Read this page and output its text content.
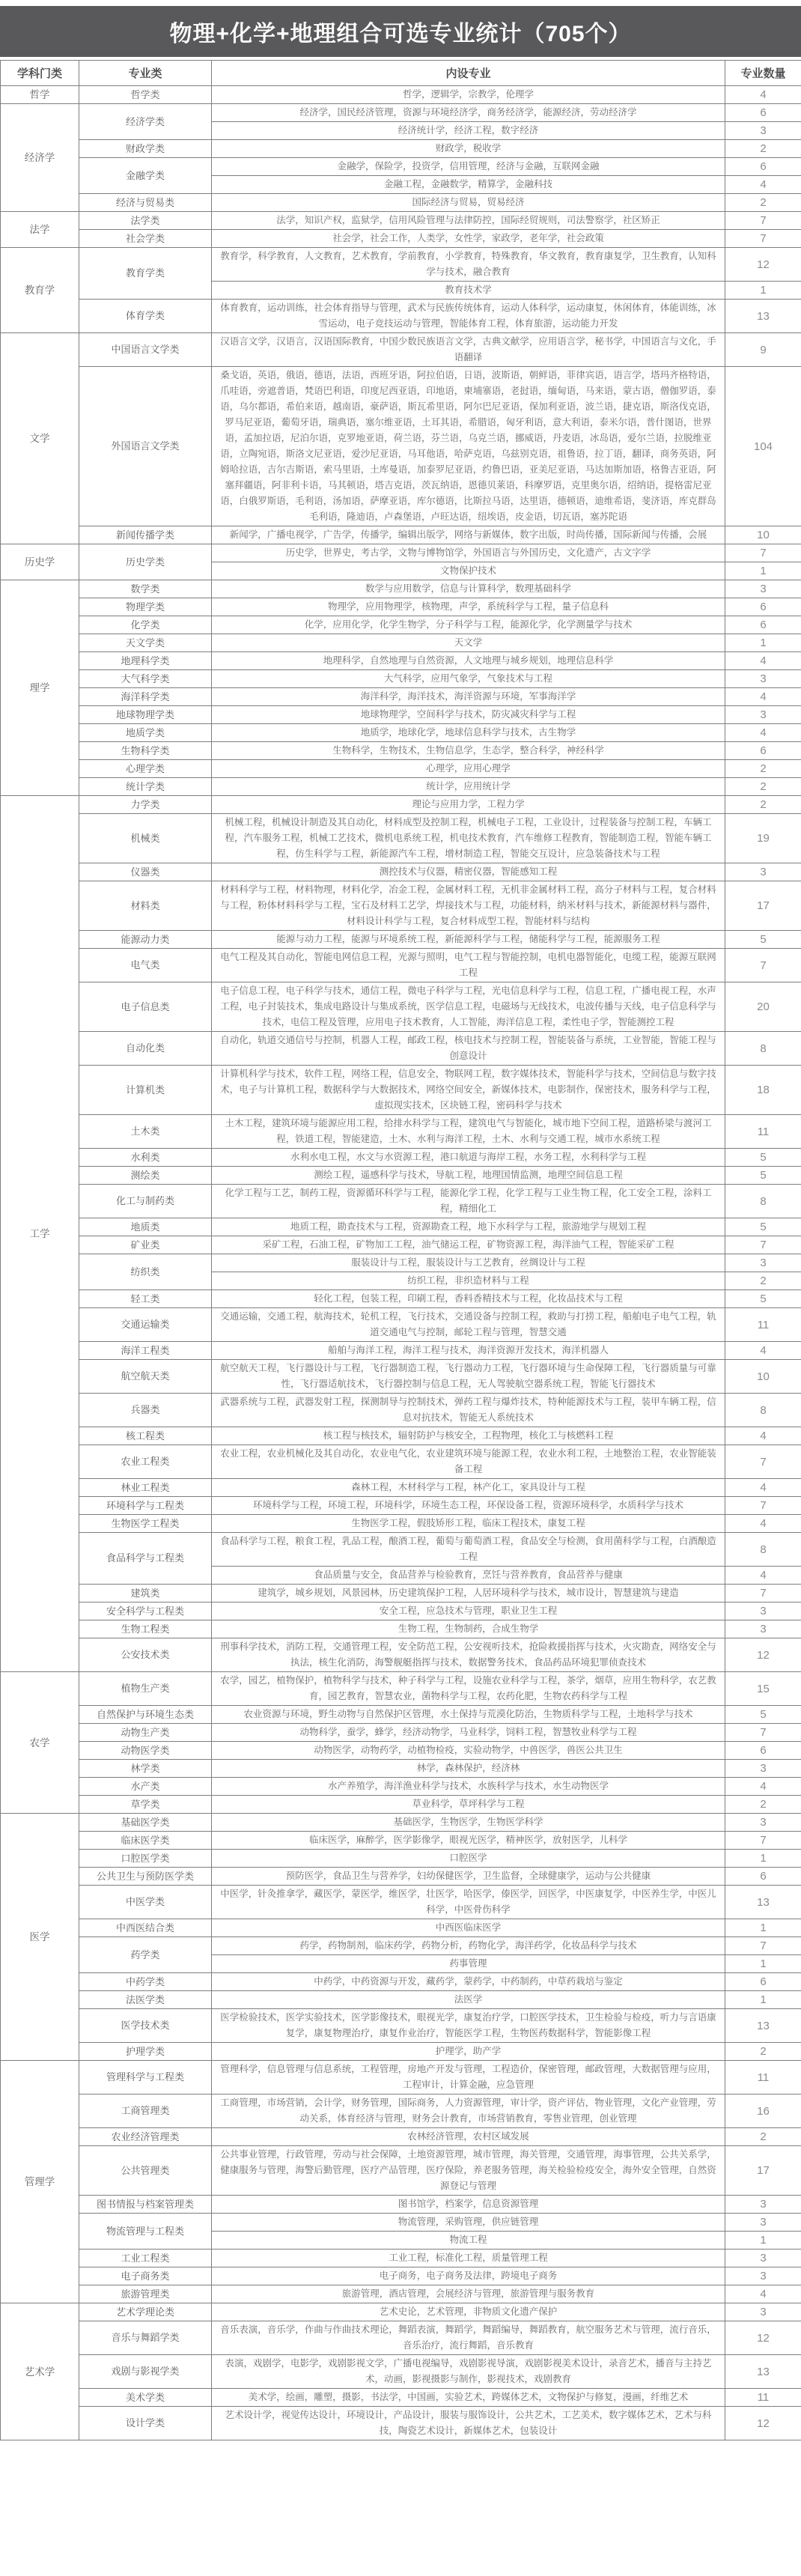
物理+化学+地理组合可选专业统计（705个）
学科门类	专业类	内设专业	专业数量
哲学	哲学类	哲学，逻辑学，宗教学，伦理学	4
经济学	经济学类	经济学，国民经济管理，资源与环境经济学，商务经济学，能源经济，劳动经济学	6
		经济统计学，经济工程，数字经济	3
	财政学类	财政学，税收学	2
	金融学类	金融学，保险学，投资学，信用管理，经济与金融，互联网金融	6
		金融工程，金融数学，精算学，金融科技	4
	经济与贸易类	国际经济与贸易，贸易经济	2
法学	法学类	法学，知识产权，监狱学，信用风险管理与法律防控，国际经贸规则，司法警察学，社区矫正	7
	社会学类	社会学，社会工作，人类学，女性学，家政学，老年学，社会政策	7
教育学	教育学类	教育学，科学教育，人文教育，艺术教育，学前教育，小学教育，特殊教育，华文教育，教育康复学，卫生教育，认知科学与技术，融合教育	12
		教育技术学	1
	体育学类	体育教育，运动训练，社会体育指导与管理，武术与民族传统体育，运动人体科学，运动康复，休闲体育，体能训练，冰雪运动，电子竞技运动与管理，智能体育工程，体育旅游，运动能力开发	13
文学	中国语言文学类	汉语言文学，汉语言，汉语国际教育，中国少数民族语言文学，古典文献学，应用语言学，秘书学，中国语言与文化，手语翻译	9
	外国语言文学类	桑戈语，英语，俄语，德语，法语，西班牙语，阿拉伯语，日语，波斯语，朝鲜语，菲律宾语，语言学，塔玛齐格特语，爪哇语，旁遮普语，梵语巴利语，印度尼西亚语，印地语，柬埔寨语，老挝语，缅甸语，马来语，蒙古语，僧伽罗语，泰语，乌尔都语，希伯来语，越南语，豪萨语，斯瓦希里语，阿尔巴尼亚语，保加利亚语，波兰语，捷克语，斯洛伐克语，罗马尼亚语，葡萄牙语，瑞典语，塞尔维亚语，土耳其语，希腊语，匈牙利语，意大利语，泰米尔语，普什图语，世界语，孟加拉语，尼泊尔语，克罗地亚语，荷兰语，芬兰语，乌克兰语，挪威语，丹麦语，冰岛语，爱尔兰语，拉脱维亚语，立陶宛语，斯洛文尼亚语，爱沙尼亚语，马耳他语，哈萨克语，乌兹别克语，祖鲁语，拉丁语，翻译，商务英语，阿姆哈拉语，吉尔吉斯语，索马里语，土库曼语，加泰罗尼亚语，约鲁巴语，亚美尼亚语，马达加斯加语，格鲁吉亚语，阿塞拜疆语，阿非利卡语，马其顿语，塔吉克语，茨瓦纳语，恩德贝莱语，科摩罗语，克里奥尔语，绍纳语，提格雷尼亚语，白俄罗斯语，毛利语，汤加语，萨摩亚语，库尔德语，比斯拉马语，达里语，德顿语，迪维希语，斐济语，库克群岛毛利语，隆迪语，卢森堡语，卢旺达语，纽埃语，皮金语，切瓦语，塞苏陀语	104
	新闻传播学类	新闻学，广播电视学，广告学，传播学，编辑出版学，网络与新媒体，数字出版，时尚传播，国际新闻与传播，会展	10
历史学	历史学类	历史学，世界史，考古学，文物与博物馆学，外国语言与外国历史，文化遗产，古文字学	7
		文物保护技术	1
理学	数学类	数学与应用数学，信息与计算科学，数理基础科学	3
	物理学类	物理学，应用物理学，核物理，声学，系统科学与工程，量子信息科	6
	化学类	化学，应用化学，化学生物学，分子科学与工程，能源化学，化学测量学与技术	6
	天文学类	天文学	1
	地理科学类	地理科学，自然地理与自然资源，人文地理与城乡规划，地理信息科学	4
	大气科学类	大气科学，应用气象学，气象技术与工程	3
	海洋科学类	海洋科学，海洋技术，海洋资源与环境，军事海洋学	4
	地球物理学类	地球物理学，空间科学与技术，防灾减灾科学与工程	3
	地质学类	地质学，地球化学，地球信息科学与技术，古生物学	4
	生物科学类	生物科学，生物技术，生物信息学，生态学，整合科学，神经科学	6
	心理学类	心理学，应用心理学	2
	统计学类	统计学，应用统计学	2
工学	力学类	理论与应用力学，工程力学	2
	机械类	机械工程，机械设计制造及其自动化，材料成型及控制工程，机械电子工程，工业设计，过程装备与控制工程，车辆工程，汽车服务工程，机械工艺技术，微机电系统工程，机电技术教育，汽车维修工程教育，智能制造工程，智能车辆工程，仿生科学与工程，新能源汽车工程，增材制造工程，智能交互设计，应急装备技术与工程	19
	仪器类	测控技术与仪器，精密仪器，智能感知工程	3
	材料类	材料科学与工程，材料物理，材料化学，冶金工程，金属材料工程，无机非金属材料工程，高分子材料与工程，复合材料与工程，粉体材料科学与工程，宝石及材料工艺学，焊接技术与工程，功能材料，纳米材料与技术，新能源材料与器件，材料设计科学与工程，复合材料成型工程，智能材料与结构	17
	能源动力类	能源与动力工程，能源与环境系统工程，新能源科学与工程，储能科学与工程，能源服务工程	5
	电气类	电气工程及其自动化，智能电网信息工程，光源与照明，电气工程与智能控制，电机电器智能化，电缆工程，能源互联网工程	7
	电子信息类	电子信息工程，电子科学与技术，通信工程，微电子科学与工程，光电信息科学与工程，信息工程，广播电视工程，水声工程，电子封装技术，集成电路设计与集成系统，医学信息工程，电磁场与无线技术，电波传播与天线，电子信息科学与技术，电信工程及管理，应用电子技术教育，人工智能，海洋信息工程，柔性电子学，智能测控工程	20
	自动化类	自动化，轨道交通信号与控制，机器人工程，邮政工程，核电技术与控制工程，智能装备与系统，工业智能，智能工程与创意设计	8
	计算机类	计算机科学与技术，软件工程，网络工程，信息安全，物联网工程，数字媒体技术，智能科学与技术，空间信息与数字技术，电子与计算机工程，数据科学与大数据技术，网络空间安全，新媒体技术，电影制作，保密技术，服务科学与工程，虚拟现实技术，区块链工程，密码科学与技术	18
	土木类	土木工程，建筑环境与能源应用工程，给排水科学与工程，建筑电气与智能化，城市地下空间工程，道路桥梁与渡河工程，铁道工程，智能建造，土木、水利与海洋工程，土木、水利与交通工程，城市水系统工程	11
	水利类	水利水电工程，水文与水资源工程，港口航道与海岸工程，水务工程，水利科学与工程	5
	测绘类	测绘工程，遥感科学与技术，导航工程，地理国情监测，地理空间信息工程	5
	化工与制药类	化学工程与工艺，制药工程，资源循环科学与工程，能源化学工程，化学工程与工业生物工程，化工安全工程，涂料工程，精细化工	8
	地质类	地质工程，勘查技术与工程，资源勘查工程，地下水科学与工程，旅游地学与规划工程	5
	矿业类	采矿工程，石油工程，矿物加工工程，油气储运工程，矿物资源工程，海洋油气工程，智能采矿工程	7
	纺织类	服装设计与工程，服装设计与工艺教育，丝绸设计与工程	3
		纺织工程，非织造材料与工程	2
	轻工类	轻化工程，包装工程，印刷工程，香料香精技术与工程，化妆品技术与工程	5
	交通运输类	交通运输，交通工程，航海技术，轮机工程，飞行技术，交通设备与控制工程，救助与打捞工程，船舶电子电气工程，轨道交通电气与控制，邮轮工程与管理，智慧交通	11
	海洋工程类	船舶与海洋工程，海洋工程与技术，海洋资源开发技术，海洋机器人	4
	航空航天类	航空航天工程，飞行器设计与工程，飞行器制造工程，飞行器动力工程，飞行器环境与生命保障工程，飞行器质量与可靠性，飞行器适航技术，飞行器控制与信息工程，无人驾驶航空器系统工程，智能飞行器技术	10
	兵器类	武器系统与工程，武器发射工程，探测制导与控制技术，弹药工程与爆炸技术，特种能源技术与工程，装甲车辆工程，信息对抗技术，智能无人系统技术	8
	核工程类	核工程与核技术，辐射防护与核安全，工程物理，核化工与核燃料工程	4
	农业工程类	农业工程，农业机械化及其自动化，农业电气化，农业建筑环境与能源工程，农业水利工程，土地整治工程，农业智能装备工程	7
	林业工程类	森林工程，木材科学与工程，林产化工，家具设计与工程	4
	环境科学与工程类	环境科学与工程，环境工程，环境科学，环境生态工程，环保设备工程，资源环境科学，水质科学与技术	7
	生物医学工程类	生物医学工程，假肢矫形工程，临床工程技术，康复工程	4
	食品科学与工程类	食品科学与工程，粮食工程，乳品工程，酿酒工程，葡萄与葡萄酒工程，食品安全与检测，食用菌科学与工程，白酒酿造工程	8
		食品质量与安全，食品营养与检验教育，烹饪与营养教育，食品营养与健康	4
	建筑类	建筑学，城乡规划，风景园林，历史建筑保护工程，人居环境科学与技术，城市设计，智慧建筑与建造	7
	安全科学与工程类	安全工程，应急技术与管理，职业卫生工程	3
	生物工程类	生物工程，生物制药，合成生物学	3
	公安技术类	刑事科学技术，消防工程，交通管理工程，安全防范工程，公安视听技术，抢险救援指挥与技术，火灾勘查，网络安全与执法，核生化消防，海警舰艇指挥与技术，数据警务技术，食品药品环境犯罪侦查技术	12
农学	植物生产类	农学，园艺，植物保护，植物科学与技术，种子科学与工程，设施农业科学与工程，茶学，烟草，应用生物科学，农艺教育，园艺教育，智慧农业，菌物科学与工程，农药化肥，生物农药科学与工程	15
	自然保护与环境生态类	农业资源与环境，野生动物与自然保护区管理，水土保持与荒漠化防治，生物质科学与工程，土地科学与技术	5
	动物生产类	动物科学，蚕学，蜂学，经济动物学，马业科学，饲料工程，智慧牧业科学与工程	7
	动物医学类	动物医学，动物药学，动植物检疫，实验动物学，中兽医学，兽医公共卫生	6
	林学类	林学，森林保护，经济林	3
	水产类	水产养殖学，海洋渔业科学与技术，水族科学与技术，水生动物医学	4
	草学类	草业科学，草坪科学与工程	2
医学	基础医学类	基础医学，生物医学，生物医学科学	3
	临床医学类	临床医学，麻醉学，医学影像学，眼视光医学，精神医学，放射医学，儿科学	7
	口腔医学类	口腔医学	1
	公共卫生与预防医学类	预防医学，食品卫生与营养学，妇幼保健医学，卫生监督，全球健康学，运动与公共健康	6
	中医学类	中医学，针灸推拿学，藏医学，蒙医学，维医学，壮医学，哈医学，傣医学，回医学，中医康复学，中医养生学，中医儿科学，中医骨伤科学	13
	中西医结合类	中西医临床医学	1
	药学类	药学，药物制剂，临床药学，药物分析，药物化学，海洋药学，化妆品科学与技术	7
		药事管理	1
	中药学类	中药学，中药资源与开发，藏药学，蒙药学，中药制药，中草药栽培与鉴定	6
	法医学类	法医学	1
	医学技术类	医学检验技术，医学实验技术，医学影像技术，眼视光学，康复治疗学，口腔医学技术，卫生检验与检疫，听力与言语康复学，康复物理治疗，康复作业治疗，智能医学工程，生物医药数据科学，智能影像工程	13
	护理学类	护理学，助产学	2
管理学	管理科学与工程类	管理科学，信息管理与信息系统，工程管理，房地产开发与管理，工程造价，保密管理，邮政管理，大数据管理与应用，工程审计，计算金融，应急管理	11
	工商管理类	工商管理，市场营销，会计学，财务管理，国际商务，人力资源管理，审计学，资产评估，物业管理，文化产业管理，劳动关系，体育经济与管理，财务会计教育，市场营销教育，零售业管理，创业管理	16
	农业经济管理类	农林经济管理，农村区域发展	2
	公共管理类	公共事业管理，行政管理，劳动与社会保障，土地资源管理，城市管理，海关管理，交通管理，海事管理，公共关系学，健康服务与管理，海警后勤管理，医疗产品管理，医疗保险，养老服务管理，海关检验检疫安全，海外安全管理，自然资源登记与管理	17
	图书情报与档案管理类	图书馆学，档案学，信息资源管理	3
	物流管理与工程类	物流管理，采购管理，供应链管理	3
		物流工程	1
	工业工程类	工业工程，标准化工程，质量管理工程	3
	电子商务类	电子商务，电子商务及法律，跨境电子商务	3
	旅游管理类	旅游管理，酒店管理，会展经济与管理，旅游管理与服务教育	4
艺术学	艺术学理论类	艺术史论，艺术管理，非物质文化遗产保护	3
	音乐与舞蹈学类	音乐表演，音乐学，作曲与作曲技术理论，舞蹈表演，舞蹈学，舞蹈编导，舞蹈教育，航空服务艺术与管理，流行音乐，音乐治疗，流行舞蹈，音乐教育	12
	戏剧与影视学类	表演，戏剧学，电影学，戏剧影视文学，广播电视编导，戏剧影视导演，戏剧影视美术设计，录音艺术，播音与主持艺术，动画，影视摄影与制作，影视技术，戏剧教育	13
	美术学类	美术学，绘画，雕塑，摄影，书法学，中国画，实验艺术，跨媒体艺术，文物保护与修复，漫画，纤维艺术	11
	设计学类	艺术设计学，视觉传达设计，环境设计，产品设计，服装与服饰设计，公共艺术，工艺美术，数字媒体艺术，艺术与科技，陶瓷艺术设计，新媒体艺术，包装设计	12
